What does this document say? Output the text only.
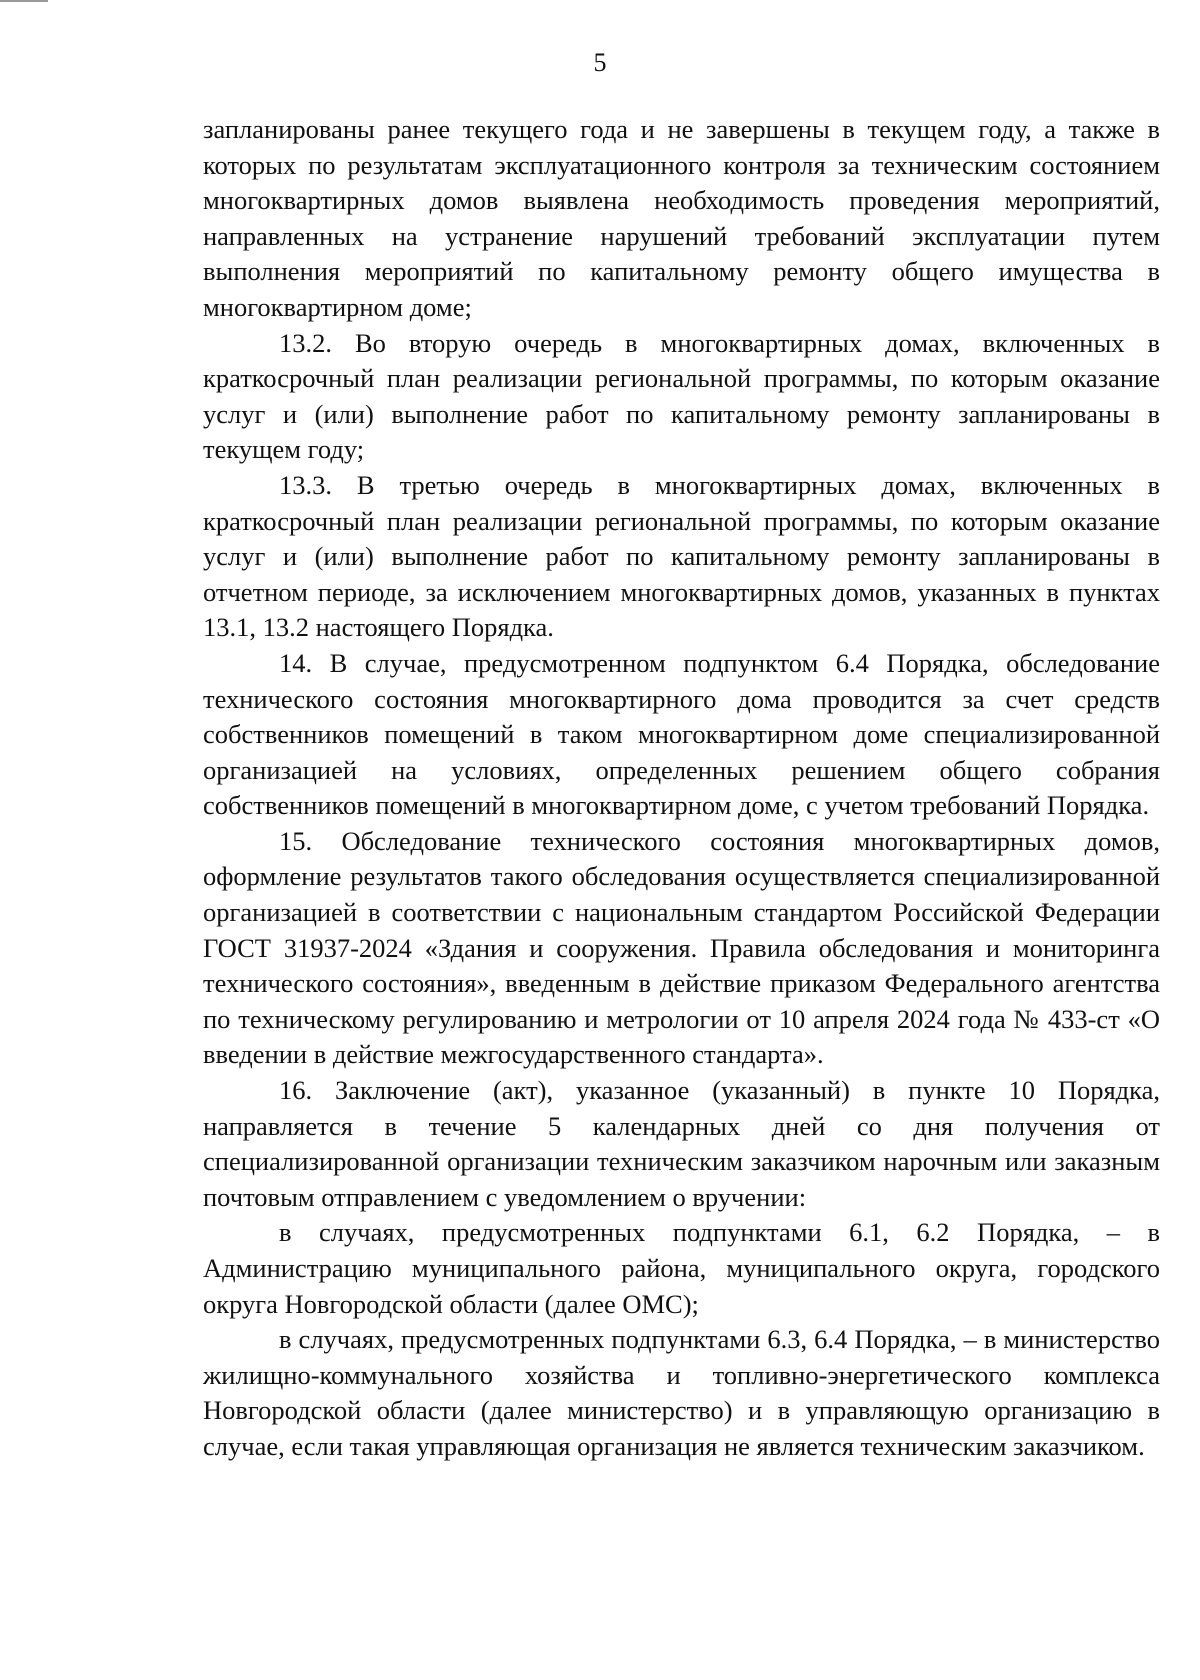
5

запланированы ранее текущего года и не завершены в текущем году, а также в которых по результатам эксплуатационного контроля за техническим состоянием многоквартирных домов выявлена необходимость проведения мероприятий, направленных на устранение нарушений требований эксплуатации путем выполнения мероприятий по капитальному ремонту общего имущества в многоквартирном доме;

13.2. Во вторую очередь в многоквартирных домах, включенных в краткосрочный план реализации региональной программы, по которым оказание услуг и (или) выполнение работ по капитальному ремонту запланированы в текущем году;

13.3. В третью очередь в многоквартирных домах, включенных в краткосрочный план реализации региональной программы, по которым оказание услуг и (или) выполнение работ по капитальному ремонту запланированы в отчетном периоде, за исключением многоквартирных домов, указанных в пунктах 13.1, 13.2 настоящего Порядка.

14. В случае, предусмотренном подпунктом 6.4 Порядка, обследование технического состояния многоквартирного дома проводится за счет средств собственников помещений в таком многоквартирном доме специализированной организацией на условиях, определенных решением общего собрания собственников помещений в многоквартирном доме, с учетом требований Порядка.

15. Обследование технического состояния многоквартирных домов, оформление результатов такого обследования осуществляется специализированной организацией в соответствии с национальным стандартом Российской Федерации ГОСТ 31937-2024 «Здания и сооружения. Правила обследования и мониторинга технического состояния», введенным в действие приказом Федерального агентства по техническому регулированию и метрологии от 10 апреля 2024 года № 433-ст «О введении в действие межгосударственного стандарта».

16. Заключение (акт), указанное (указанный) в пункте 10 Порядка, направляется в течение 5 календарных дней со дня получения от специализированной организации техническим заказчиком нарочным или заказным почтовым отправлением с уведомлением о вручении:

в случаях, предусмотренных подпунктами 6.1, 6.2 Порядка, – в Администрацию муниципального района, муниципального округа, городского округа Новгородской области (далее ОМС);

в случаях, предусмотренных подпунктами 6.3, 6.4 Порядка, – в министерство жилищно-коммунального хозяйства и топливно-энергетического комплекса Новгородской области (далее министерство) и в управляющую организацию в случае, если такая управляющая организация не является техническим заказчиком.
